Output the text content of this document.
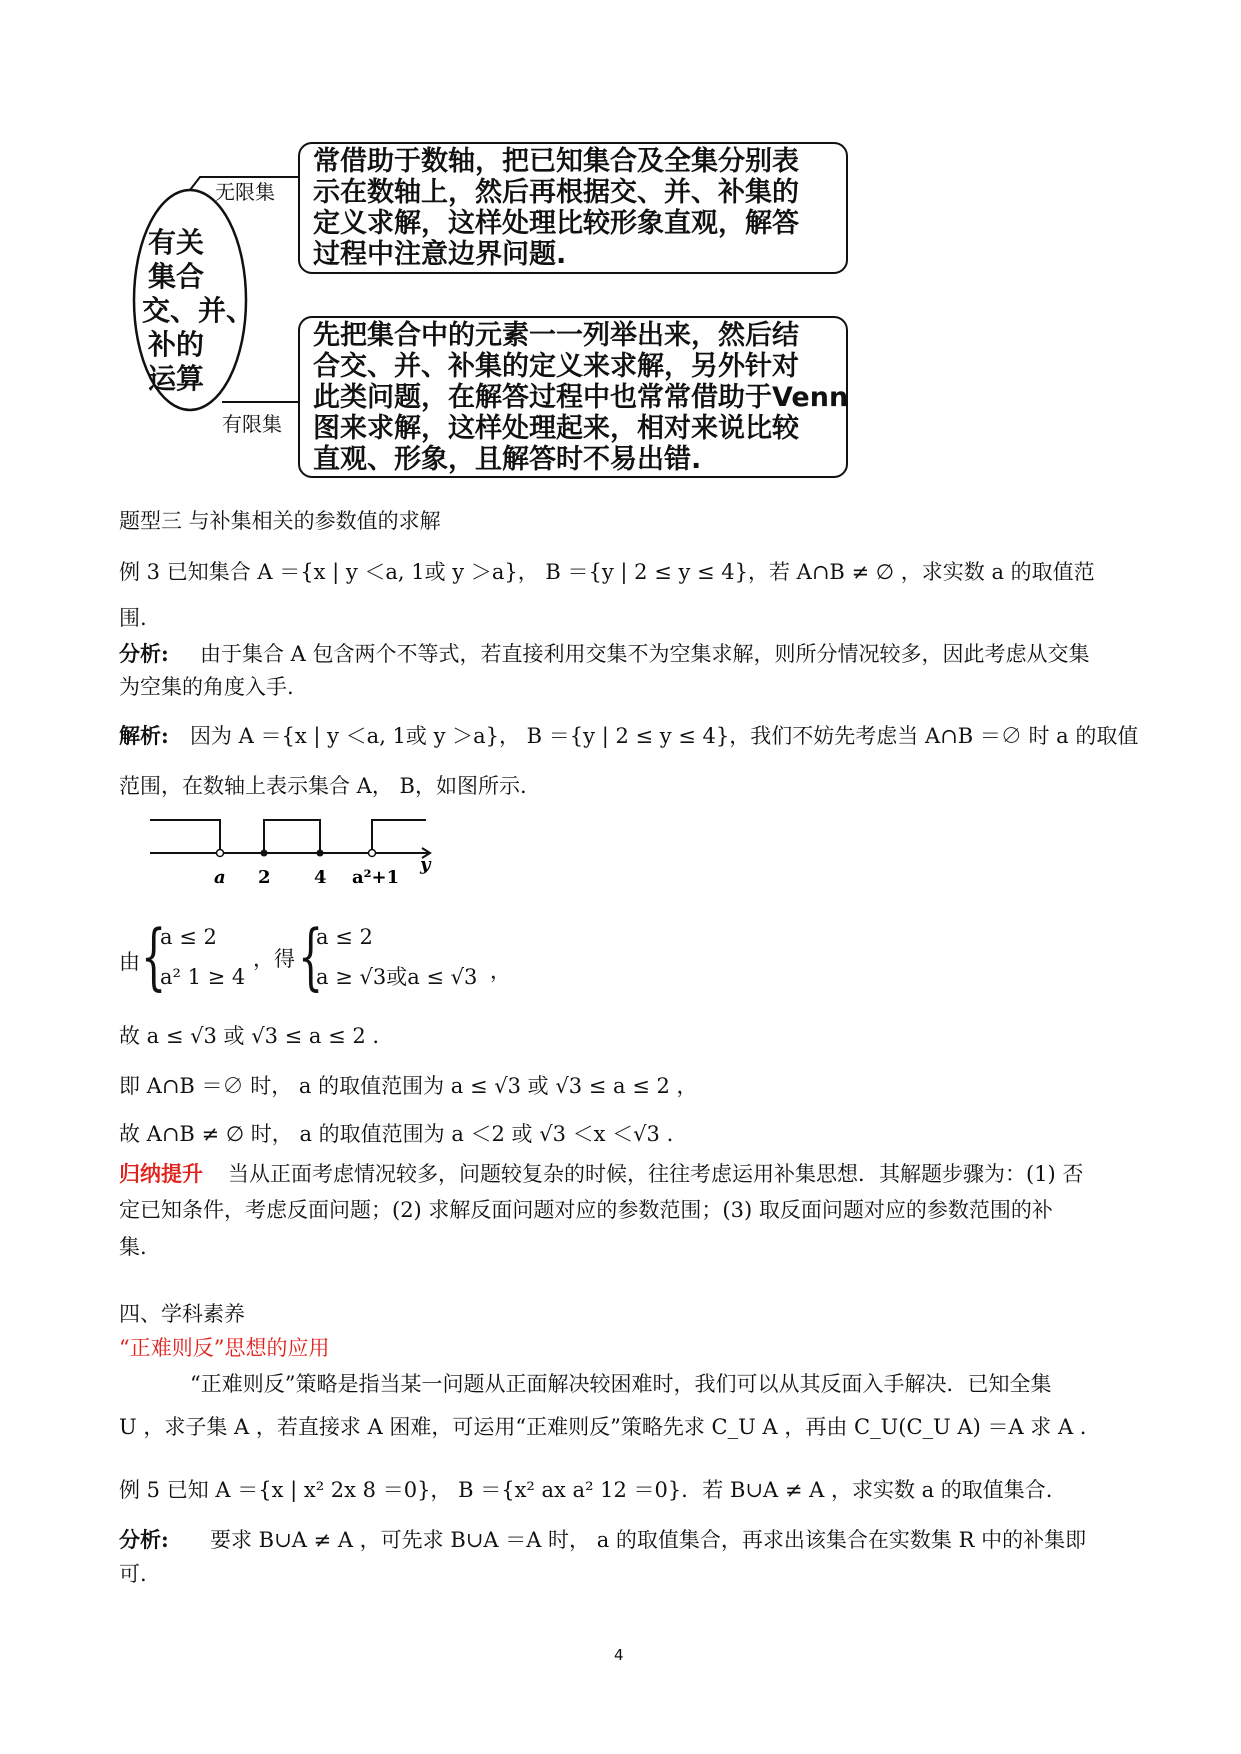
有关
集合
交、并、
补的
运算
无限集
有限集
常借助于数轴，把已知集合及全集分别表
示在数轴上，然后再根据交、并、补集的
定义求解，这样处理比较形象直观，解答
过程中注意边界问题.
先把集合中的元素一一列举出来，然后结
合交、并、补集的定义来求解，另外针对
此类问题，在解答过程中也常常借助于Venn
图来求解，这样处理起来，相对来说比较
直观、形象，且解答时不易出错.
题型三 与补集相关的参数值的求解
例 3 已知集合 A ＝{x | y ＜a, 1或 y ＞a}， B ＝{y | 2 ≤ y ≤ 4}，若 A∩B ≠ ∅ ，求实数 a 的取值范
围.
分析: 由于集合 A 包含两个不等式，若直接利用交集不为空集求解，则所分情况较多，因此考虑从交集
为空集的角度入手.
解析: 因为 A ＝{x | y ＜a, 1或 y ＞a}， B ＝{y | 2 ≤ y ≤ 4}，我们不妨先考虑当 A∩B ＝∅ 时 a 的取值
范围，在数轴上表示集合 A， B，如图所示.
a 2 4 a²+1
y
由 {
a ≤ 2
a² 1 ≥ 4
，得 {
a ≤ 2
a ≥ √3或a ≤ √3 ，
故 a ≤ √3 或 √3 ≤ a ≤ 2 .
即 A∩B ＝∅ 时， a 的取值范围为 a ≤ √3 或 √3 ≤ a ≤ 2 ，
故 A∩B ≠ ∅ 时， a 的取值范围为 a ＜2 或 √3 ＜x ＜√3 .
归纳提升 当从正面考虑情况较多，问题较复杂的时候，往往考虑运用补集思想．其解题步骤为：(1) 否
定已知条件，考虑反面问题；(2) 求解反面问题对应的参数范围；(3) 取反面问题对应的参数范围的补
集.
四、学科素养
“正难则反”思想的应用
“正难则反”策略是指当某一问题从正面解决较困难时，我们可以从其反面入手解决．已知全集
U ，求子集 A ，若直接求 A 困难，可运用“正难则反”策略先求 C_U A ，再由 C_U(C_U A) ＝A 求 A .
例 5 已知 A ＝{x | x² 2x 8 ＝0}， B ＝{x² ax a² 12 ＝0}．若 B∪A ≠ A ，求实数 a 的取值集合.
分析: 要求 B∪A ≠ A ，可先求 B∪A ＝A 时， a 的取值集合，再求出该集合在实数集 R 中的补集即
可.
4
